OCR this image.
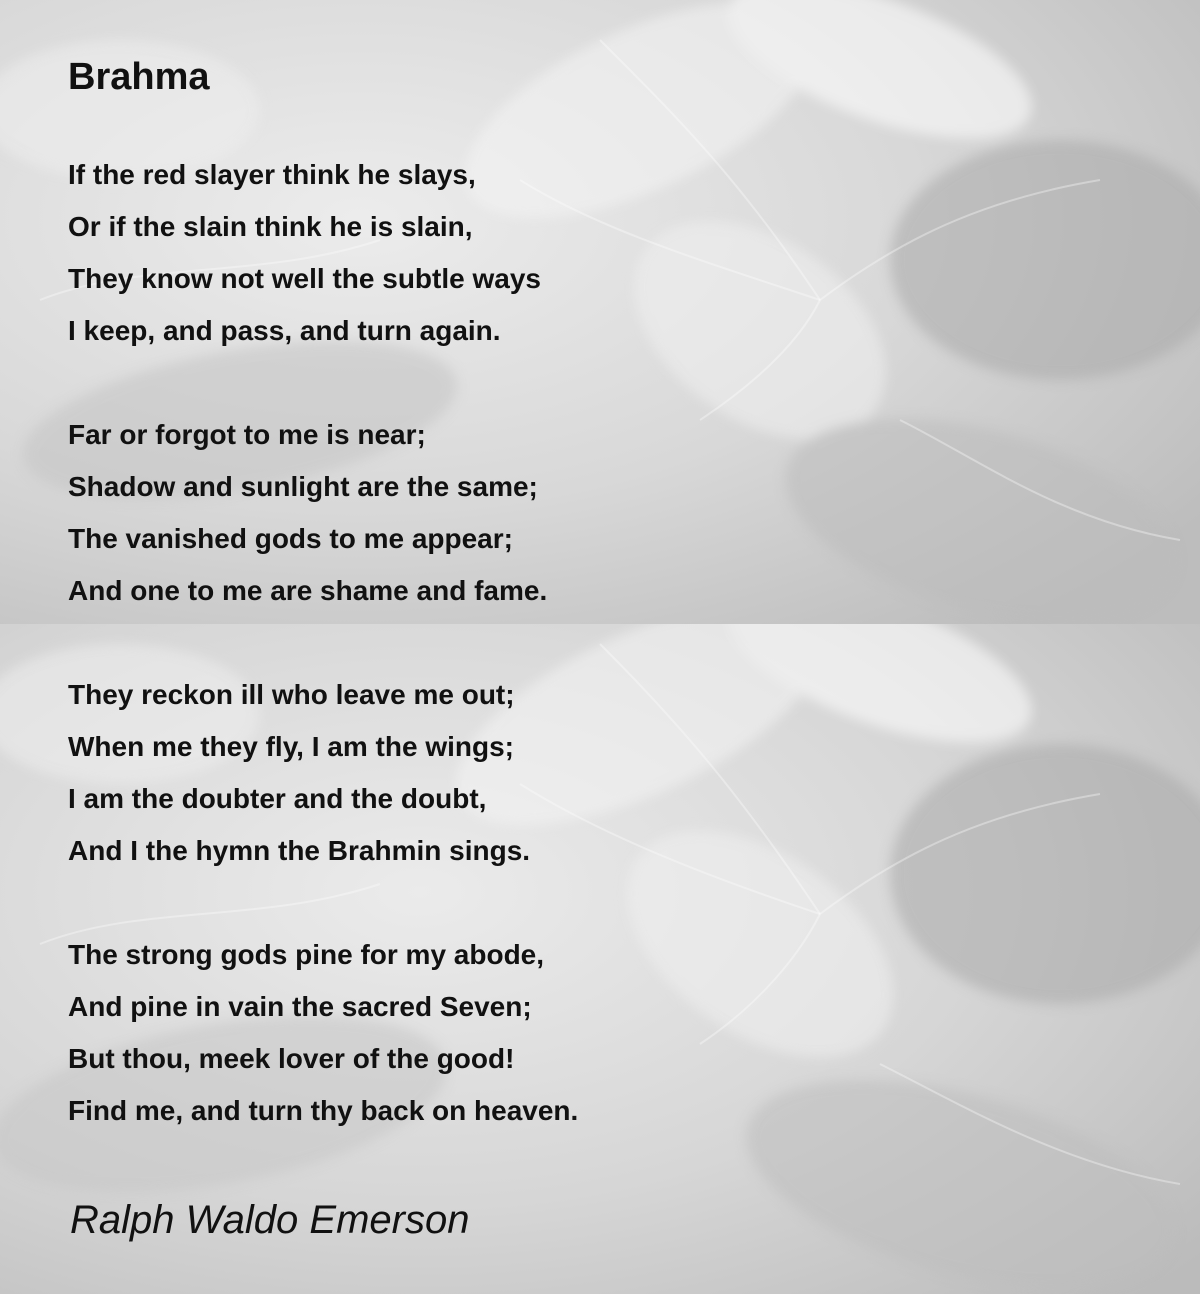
Brahma
If the red slayer think he slays,
Or if the slain think he is slain,
They know not well the subtle ways
I keep, and pass, and turn again.
Far or forgot to me is near;
Shadow and sunlight are the same;
The vanished gods to me appear;
And one to me are shame and fame.
They reckon ill who leave me out;
When me they fly, I am the wings;
I am the doubter and the doubt,
And I the hymn the Brahmin sings.
The strong gods pine for my abode,
And pine in vain the sacred Seven;
But thou, meek lover of the good!
Find me, and turn thy back on heaven.
Ralph Waldo Emerson
